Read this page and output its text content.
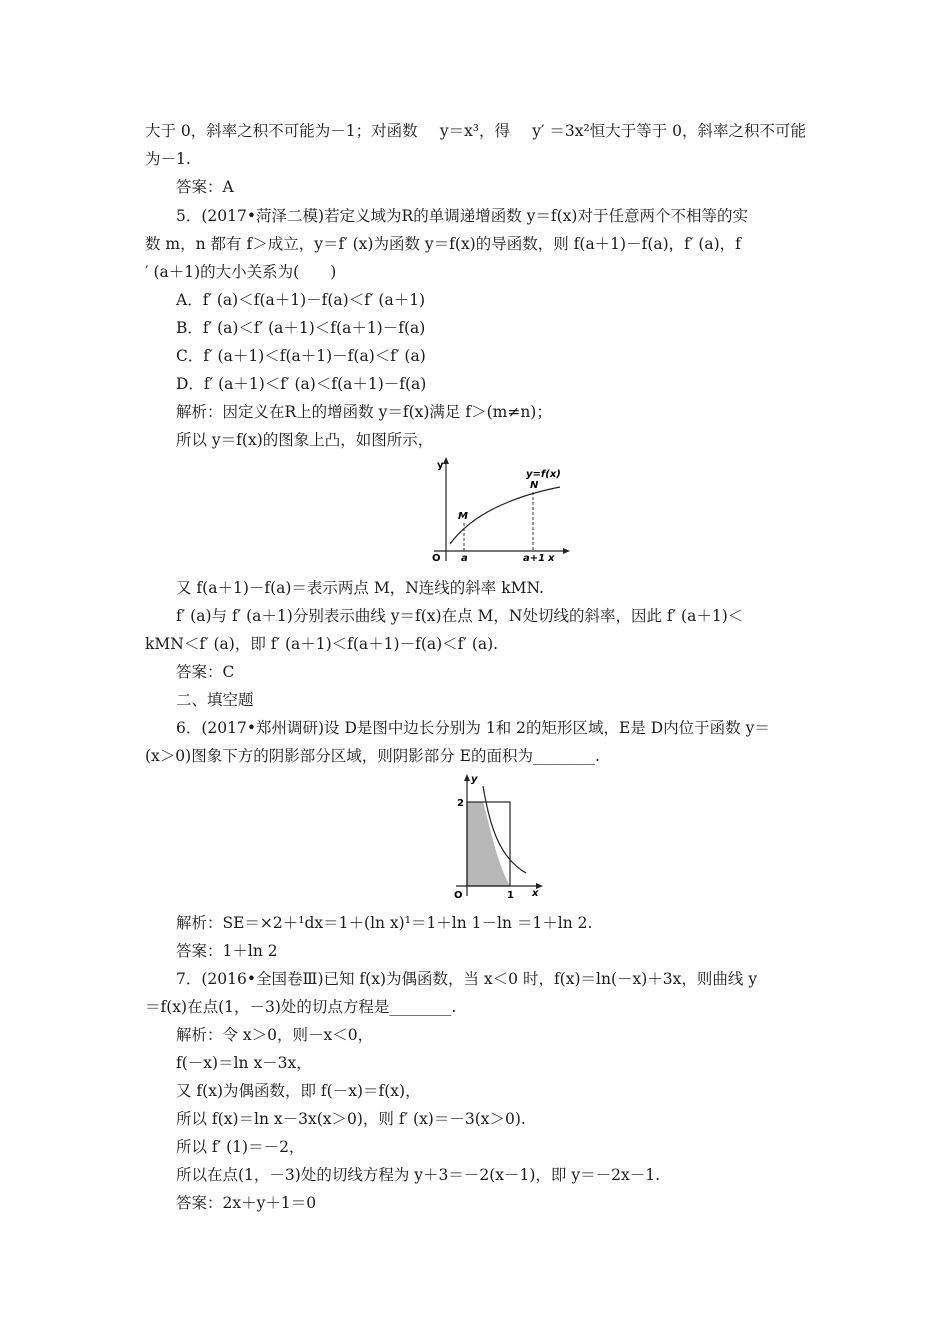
大于 0，斜率之积不可能为－1；对函数 y＝x³，得 y′ ＝3x²恒大于等于 0，斜率之积不可能
为－1.
答案：A
5．(2017•菏泽二模)若定义域为R的单调递增函数 y＝f(x)对于任意两个不相等的实
数 m，n 都有 f＞成立，y＝f′ (x)为函数 y＝f(x)的导函数，则 f(a＋1)－f(a)，f′ (a)，f
′ (a＋1)的大小关系为(　　)
A．f′ (a)＜f(a＋1)－f(a)＜f′ (a＋1)
B．f′ (a)＜f′ (a＋1)＜f(a＋1)－f(a)
C．f′ (a＋1)＜f(a＋1)－f(a)＜f′ (a)
D．f′ (a＋1)＜f′ (a)＜f(a＋1)－f(a)
解析：因定义在R上的增函数 y＝f(x)满足 f＞(m≠n)；
所以 y＝f(x)的图象上凸，如图所示，
y
x
O
y=f(x)
M
N
a	a+1
又 f(a＋1)－f(a)＝表示两点 M，N连线的斜率 kMN.
f′ (a)与 f′ (a＋1)分别表示曲线 y＝f(x)在点 M，N处切线的斜率，因此 f′ (a＋1)＜
kMN＜f′ (a)，即 f′ (a＋1)＜f(a＋1)－f(a)＜f′ (a).
答案：C
二、填空题
6．(2017•郑州调研)设 D是图中边长分别为 1和 2的矩形区域，E是 D内位于函数 y＝
(x＞0)图象下方的阴影部分区域，则阴影部分 E的面积为________.
y
x
O
2
1
解析：SE＝×2＋¹dx＝1＋(ln x)¹＝1＋ln 1－ln ＝1＋ln 2.
答案：1＋ln 2
7．(2016•全国卷Ⅲ)已知 f(x)为偶函数，当 x＜0 时，f(x)＝ln(－x)＋3x，则曲线 y
＝f(x)在点(1，－3)处的切点方程是________.
解析：令 x＞0，则－x＜0，
f(－x)＝ln x－3x，
又 f(x)为偶函数，即 f(－x)＝f(x)，
所以 f(x)＝ln x－3x(x＞0)，则 f′ (x)＝－3(x＞0).
所以 f′ (1)＝－2，
所以在点(1，－3)处的切线方程为 y＋3＝－2(x－1)，即 y＝－2x－1.
答案：2x＋y＋1＝0
